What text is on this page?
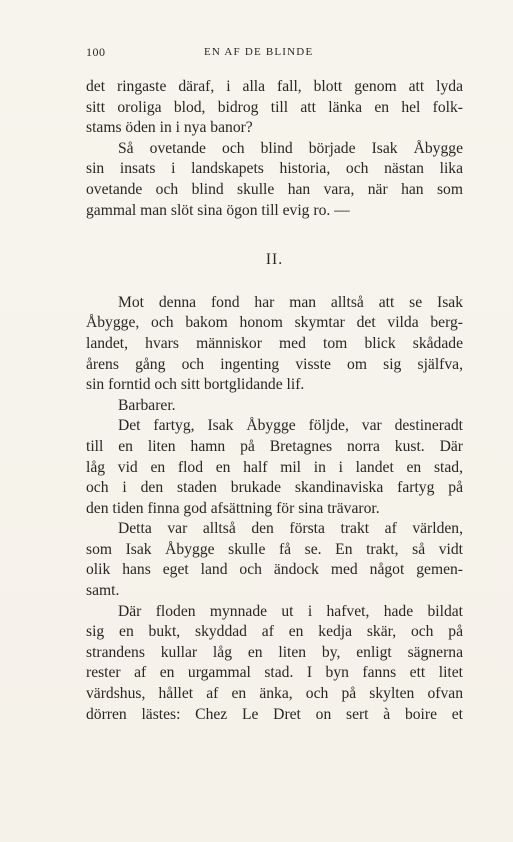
100	EN AF DE BLINDE

det ringaste däraf, i alla fall, blott genom att lyda
sitt oroliga blod, bidrog till att länka en hel folk-
stams öden in i nya banor?

Så ovetande och blind började Isak Åbygge
sin insats i landskapets historia, och nästan lika
ovetande och blind skulle han vara, när han som
gammal man slöt sina ögon till evig ro. —

II.

Mot denna fond har man alltså att se Isak
Åbygge, och bakom honom skymtar det vilda berg-
landet, hvars människor med tom blick skådade
årens gång och ingenting visste om sig själfva,
sin forntid och sitt bortglidande lif.

Barbarer.

Det fartyg, Isak Åbygge följde, var destineradt
till en liten hamn på Bretagnes norra kust. Där
låg vid en flod en half mil in i landet en stad,
och i den staden brukade skandinaviska fartyg på
den tiden finna god afsättning för sina trävaror.

Detta var alltså den första trakt af världen,
som Isak Åbygge skulle få se. En trakt, så vidt
olik hans eget land och ändock med något gemen-
samt.

Där floden mynnade ut i hafvet, hade bildat
sig en bukt, skyddad af en kedja skär, och på
strandens kullar låg en liten by, enligt sägnerna
rester af en urgammal stad. I byn fanns ett litet
värdshus, hållet af en änka, och på skylten ofvan
dörren lästes: Chez Le Dret on sert à boire et
